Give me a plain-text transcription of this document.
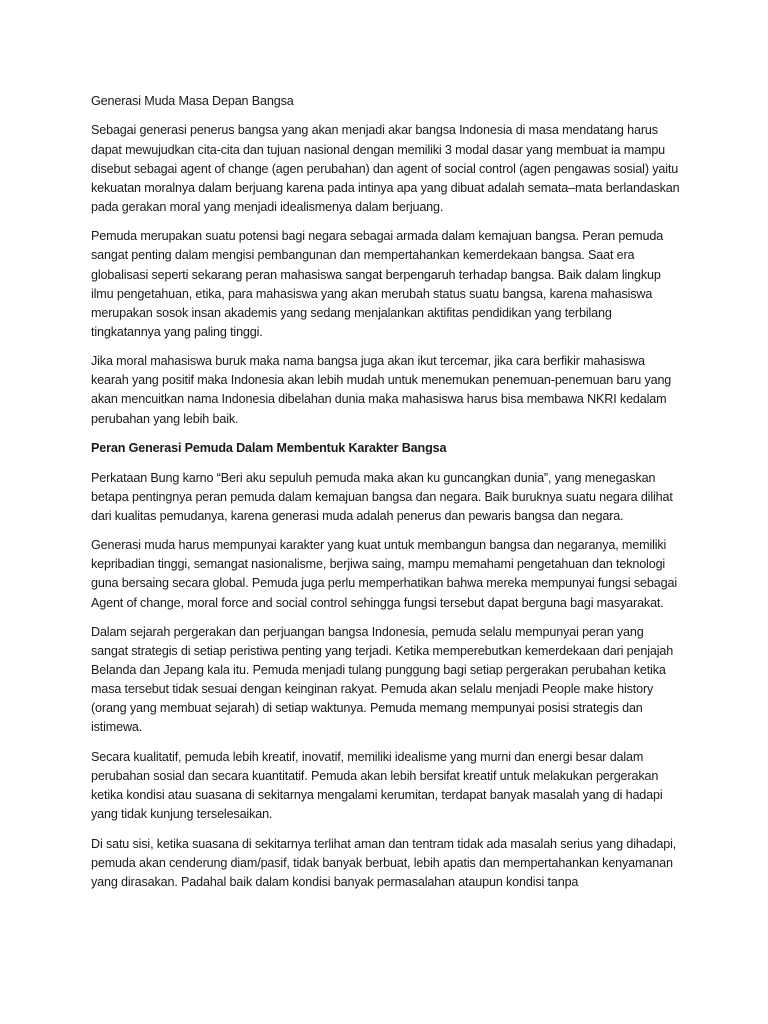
Generasi Muda Masa Depan Bangsa

Sebagai generasi penerus bangsa yang akan menjadi akar bangsa Indonesia di masa mendatang harus dapat mewujudkan cita-cita dan tujuan nasional dengan memiliki 3 modal dasar yang membuat ia mampu disebut sebagai agent of change (agen perubahan) dan agent of social control (agen pengawas sosial) yaitu kekuatan moralnya dalam berjuang karena pada intinya apa yang dibuat adalah semata–mata berlandaskan pada gerakan moral yang menjadi idealismenya dalam berjuang.

Pemuda merupakan suatu potensi bagi negara sebagai armada dalam kemajuan bangsa. Peran pemuda sangat penting dalam mengisi pembangunan dan mempertahankan kemerdekaan bangsa. Saat era globalisasi seperti sekarang peran mahasiswa sangat berpengaruh terhadap bangsa. Baik dalam lingkup ilmu pengetahuan, etika, para mahasiswa yang akan merubah status suatu bangsa, karena mahasiswa merupakan sosok insan akademis yang sedang menjalankan aktifitas pendidikan yang terbilang tingkatannya yang paling tinggi.

Jika moral mahasiswa buruk maka nama bangsa juga akan ikut tercemar, jika cara berfikir mahasiswa kearah yang positif maka Indonesia akan lebih mudah untuk menemukan penemuan-penemuan baru yang akan mencuitkan nama Indonesia dibelahan dunia maka mahasiswa harus bisa membawa NKRI kedalam perubahan yang lebih baik.

Peran Generasi Pemuda Dalam Membentuk Karakter Bangsa

Perkataan Bung karno “Beri aku sepuluh pemuda maka akan ku guncangkan dunia”, yang menegaskan betapa pentingnya peran pemuda dalam kemajuan bangsa dan negara. Baik buruknya suatu negara dilihat dari kualitas pemudanya, karena generasi muda adalah penerus dan pewaris bangsa dan negara.

Generasi muda harus mempunyai karakter yang kuat untuk membangun bangsa dan negaranya, memiliki kepribadian tinggi, semangat nasionalisme, berjiwa saing, mampu memahami pengetahuan dan teknologi guna bersaing secara global. Pemuda juga perlu memperhatikan bahwa mereka mempunyai fungsi sebagai Agent of change, moral force and social control sehingga fungsi tersebut dapat berguna bagi masyarakat.

Dalam sejarah pergerakan dan perjuangan bangsa Indonesia, pemuda selalu mempunyai peran yang sangat strategis di setiap peristiwa penting yang terjadi. Ketika memperebutkan kemerdekaan dari penjajah Belanda dan Jepang kala itu. Pemuda menjadi tulang punggung bagi setiap pergerakan perubahan ketika masa tersebut tidak sesuai dengan keinginan rakyat. Pemuda akan selalu menjadi People make history (orang yang membuat sejarah) di setiap waktunya. Pemuda memang mempunyai posisi strategis dan istimewa.

Secara kualitatif, pemuda lebih kreatif, inovatif, memiliki idealisme yang murni dan energi besar dalam perubahan sosial dan secara kuantitatif. Pemuda akan lebih bersifat kreatif untuk melakukan pergerakan ketika kondisi atau suasana di sekitarnya mengalami kerumitan, terdapat banyak masalah yang di hadapi yang tidak kunjung terselesaikan.

Di satu sisi, ketika suasana di sekitarnya terlihat aman dan tentram tidak ada masalah serius yang dihadapi, pemuda akan cenderung diam/pasif, tidak banyak berbuat, lebih apatis dan mempertahankan kenyamanan yang dirasakan. Padahal baik dalam kondisi banyak permasalahan ataupun kondisi tanpa
